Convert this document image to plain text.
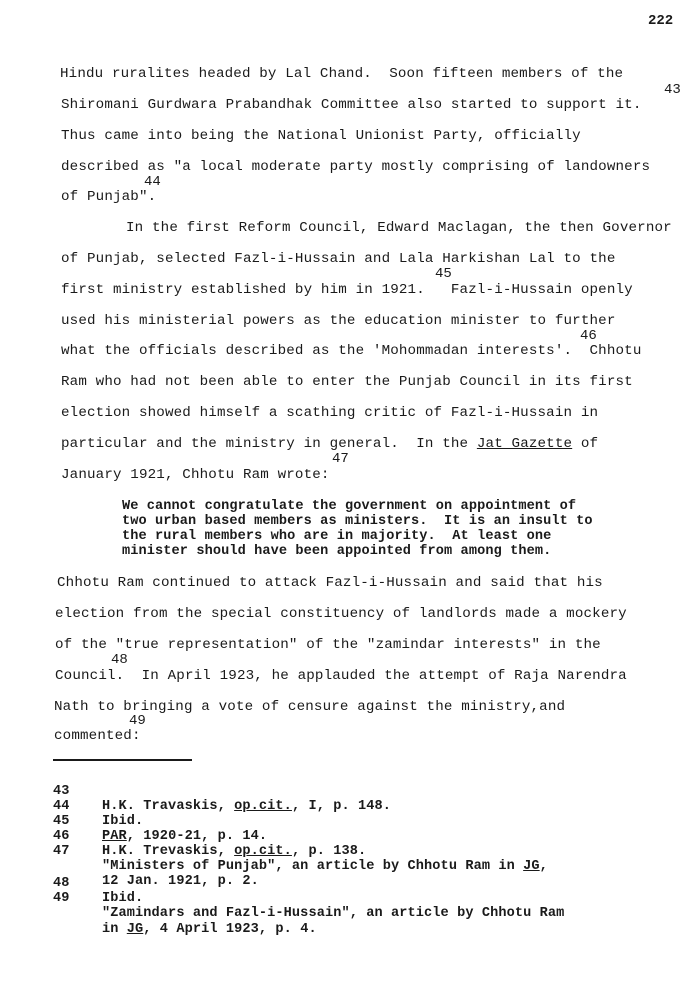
222
Hindu ruralites headed by Lal Chand.  Soon fifteen members of the
43
Shiromani Gurdwara Prabandhak Committee also started to support it.
Thus came into being the National Unionist Party, officially
described as "a local moderate party mostly comprising of landowners
44
of Punjab".
In the first Reform Council, Edward Maclagan, the then Governor
of Punjab, selected Fazl-i-Hussain and Lala Harkishan Lal to the
45
first ministry established by him in 1921.   Fazl-i-Hussain openly
used his ministerial powers as the education minister to further
46
what the officials described as the 'Mohommadan interests'.  Chhotu
Ram who had not been able to enter the Punjab Council in its first
election showed himself a scathing critic of Fazl-i-Hussain in
particular and the ministry in general.  In the Jat Gazette of
47
January 1921, Chhotu Ram wrote:
We cannot congratulate the government on appointment of
two urban based members as ministers.  It is an insult to
the rural members who are in majority.  At least one
minister should have been appointed from among them.
Chhotu Ram continued to attack Fazl-i-Hussain and said that his
election from the special constituency of landlords made a mockery
of the "true representation" of the "zamindar interests" in the
48
Council.  In April 1923, he applauded the attempt of Raja Narendra
Nath to bringing a vote of censure against the ministry,and
49
commented:

43

H.K. Travaskis, op.cit., I, p. 148.

44

Ibid.

45

PAR, 1920-21, p. 14.

46

H.K. Trevaskis, op.cit., p. 138.

47

"Ministers of Punjab", an article by Chhotu Ram in JG,

12 Jan. 1921, p. 2.

48

Ibid.

49

"Zamindars and Fazl-i-Hussain", an article by Chhotu Ram

in JG, 4 April 1923, p. 4.
